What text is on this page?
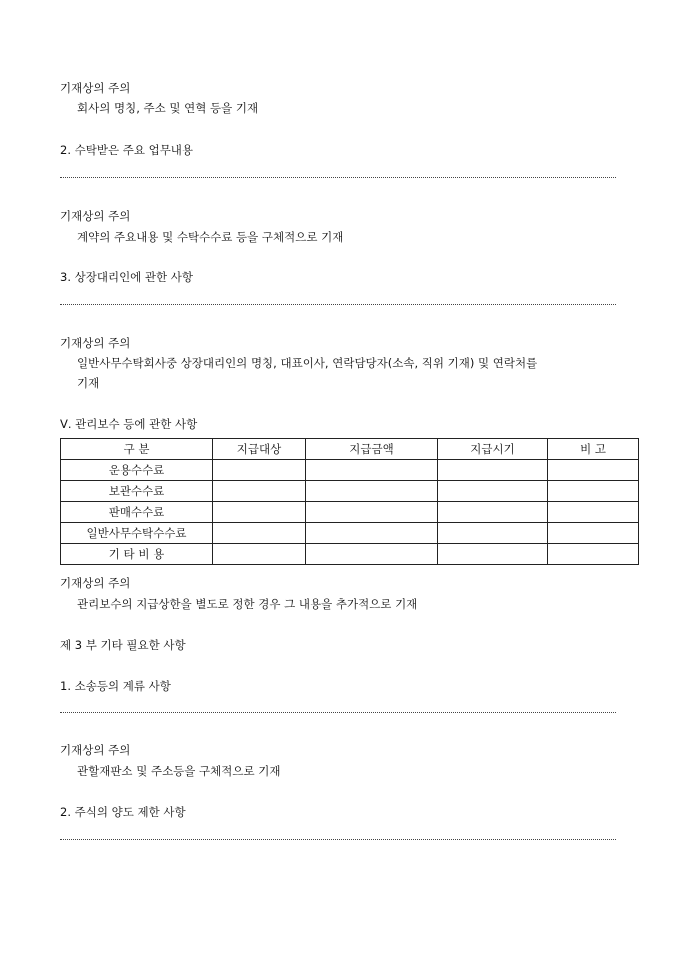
기재상의 주의
회사의 명칭, 주소 및 연혁 등을 기재
2. 수탁받은 주요 업무내용
기재상의 주의
계약의 주요내용 및 수탁수수료 등을 구체적으로 기재
3. 상장대리인에 관한 사항
기재상의 주의
일반사무수탁회사중 상장대리인의 명칭, 대표이사, 연락담당자(소속, 직위 기재) 및 연락처를
기재
Ⅴ. 관리보수 등에 관한 사항
구 분	지급대상	지급금액	지급시기	비 고
운용수수료				
보관수수료				
판매수수료				
일반사무수탁수수료				
기 타 비 용				
기재상의 주의
관리보수의 지급상한을 별도로 정한 경우 그 내용을 추가적으로 기재
제 3 부 기타 필요한 사항
1. 소송등의 계류 사항
기재상의 주의
관할재판소 및 주소등을 구체적으로 기재
2. 주식의 양도 제한 사항
